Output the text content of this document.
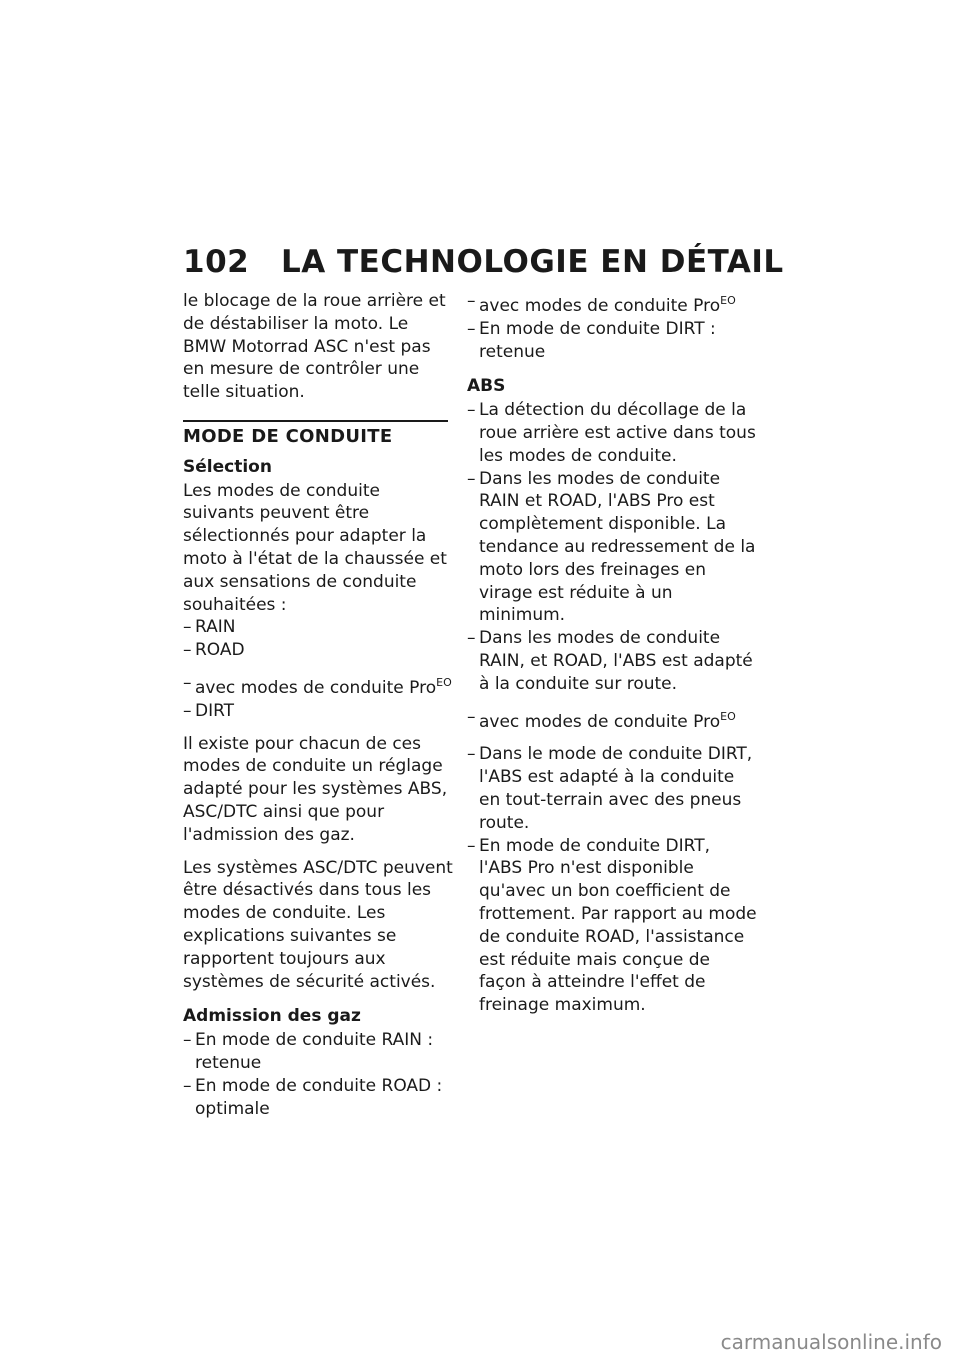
102 LA TECHNOLOGIE EN DÉTAIL

le blocage de la roue arrière et de déstabiliser la moto. Le BMW Motorrad ASC n'est pas en mesure de contrôler une telle situation.

MODE DE CONDUITE
Sélection
Les modes de conduite suivants peuvent être sélectionnés pour adapter la moto à l'état de la chaussée et aux sensations de conduite souhaitées :
– RAIN
– ROAD
– avec modes de conduite Pro$^{EO}$
– DIRT

Il existe pour chacun de ces modes de conduite un réglage adapté pour les systèmes ABS, ASC/DTC ainsi que pour l'admission des gaz.

Les systèmes ASC/DTC peuvent être désactivés dans tous les modes de conduite. Les explications suivantes se rapportent toujours aux systèmes de sécurité activés.

Admission des gaz
– En mode de conduite RAIN : retenue
– En mode de conduite ROAD : optimale
– avec modes de conduite Pro$^{EO}$
– En mode de conduite DIRT : retenue
ABS
– La détection du décollage de la roue arrière est active dans tous les modes de conduite.
– Dans les modes de conduite RAIN et ROAD, l'ABS Pro est complètement disponible. La tendance au redressement de la moto lors des freinages en virage est réduite à un minimum.
– Dans les modes de conduite RAIN, et ROAD, l'ABS est adapté à la conduite sur route.
– avec modes de conduite Pro$^{EO}$
– Dans le mode de conduite DIRT, l'ABS est adapté à la conduite en tout-terrain avec des pneus route.
– En mode de conduite DIRT, l'ABS Pro n'est disponible qu'avec un bon coefficient de frottement. Par rapport au mode de conduite ROAD, l'assistance est réduite mais conçue de façon à atteindre l'effet de freinage maximum.
carmanualsonline.info
